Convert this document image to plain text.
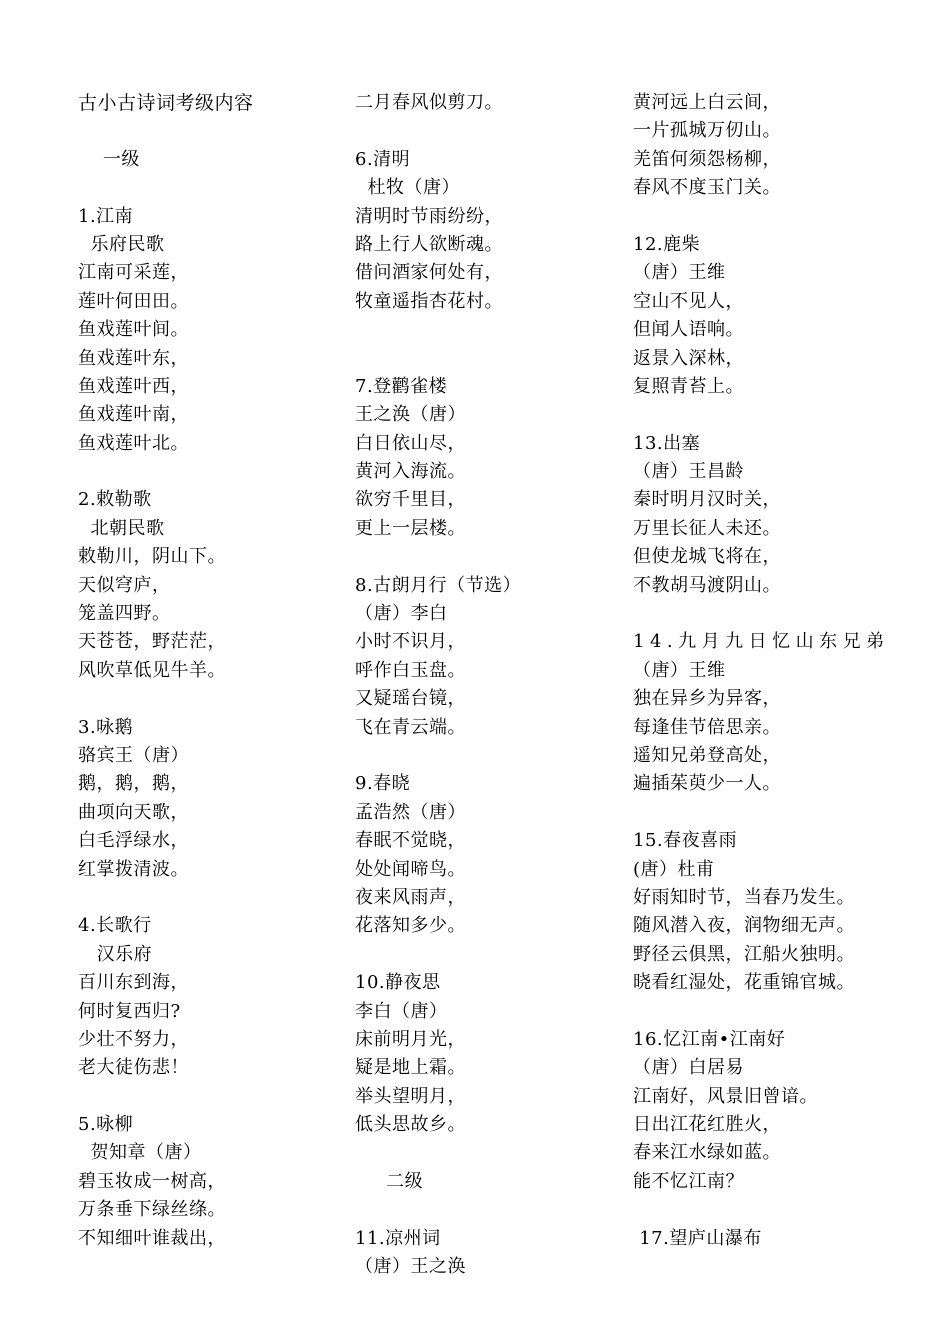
古小古诗词考级内容
一级
1.江南
乐府民歌
江南可采莲，
莲叶何田田。
鱼戏莲叶间。
鱼戏莲叶东，
鱼戏莲叶西，
鱼戏莲叶南，
鱼戏莲叶北。
2.敕勒歌
北朝民歌
敕勒川，阴山下。
天似穹庐，
笼盖四野。
天苍苍，野茫茫，
风吹草低见牛羊。
3.咏鹅
骆宾王（唐）
鹅，鹅，鹅，
曲项向天歌，
白毛浮绿水，
红掌拨清波。
4.长歌行
汉乐府
百川东到海，
何时复西归?
少壮不努力，
老大徒伤悲！
5.咏柳
贺知章（唐）
碧玉妆成一树高，
万条垂下绿丝绦。
不知细叶谁裁出，
二月春风似剪刀。
6.清明
杜牧（唐）
清明时节雨纷纷，
路上行人欲断魂。
借问酒家何处有，
牧童遥指杏花村。
7.登鹳雀楼
王之涣（唐）
白日依山尽，
黄河入海流。
欲穷千里目，
更上一层楼。
8.古朗月行（节选）
（唐）李白
小时不识月，
呼作白玉盘。
又疑瑶台镜，
飞在青云端。
9.春晓
孟浩然（唐）
春眠不觉晓，
处处闻啼鸟。
夜来风雨声，
花落知多少。
10.静夜思
李白（唐）
床前明月光，
疑是地上霜。
举头望明月，
低头思故乡。
二级
11.凉州词
（唐）王之涣
黄河远上白云间，
一片孤城万仞山。
羌笛何须怨杨柳，
春风不度玉门关。
12.鹿柴
（唐）王维
空山不见人，
但闻人语响。
返景入深林，
复照青苔上。
13.出塞
（唐）王昌龄
秦时明月汉时关，
万里长征人未还。
但使龙城飞将在，
不教胡马渡阴山。
14.九月九日忆山东兄弟
（唐）王维
独在异乡为异客，
每逢佳节倍思亲。
遥知兄弟登高处，
遍插茱萸少一人。
15.春夜喜雨
(唐）杜甫
好雨知时节，当春乃发生。
随风潜入夜，润物细无声。
野径云俱黑，江船火独明。
晓看红湿处，花重锦官城。
16.忆江南•江南好
（唐）白居易
江南好，风景旧曾谙。
日出江花红胜火，
春来江水绿如蓝。
能不忆江南？
17.望庐山瀑布
